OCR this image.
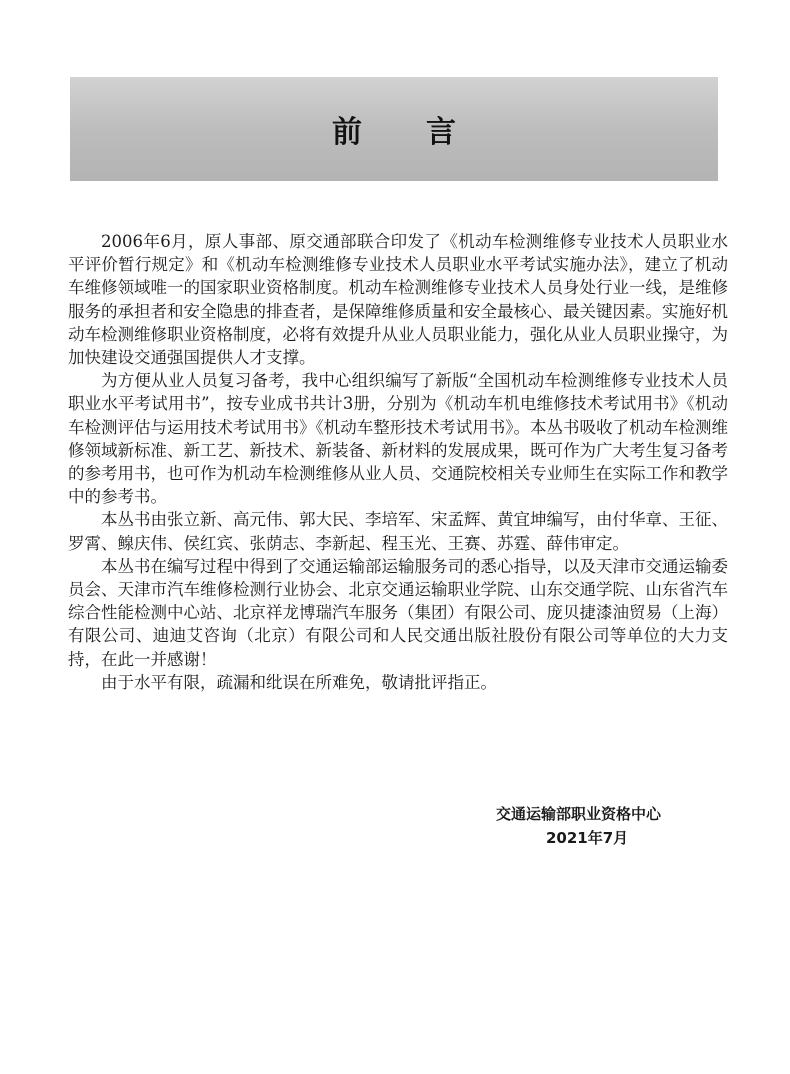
前言

2006年6月，原人事部、原交通部联合印发了《机动车检测维修专业技术人员职业水平评价暂行规定》和《机动车检测维修专业技术人员职业水平考试实施办法》，建立了机动车维修领域唯一的国家职业资格制度。机动车检测维修专业技术人员身处行业一线，是维修服务的承担者和安全隐患的排查者，是保障维修质量和安全最核心、最关键因素。实施好机动车检测维修职业资格制度，必将有效提升从业人员职业能力，强化从业人员职业操守，为加快建设交通强国提供人才支撑。

为方便从业人员复习备考，我中心组织编写了新版“全国机动车检测维修专业技术人员职业水平考试用书”，按专业成书共计3册，分别为《机动车机电维修技术考试用书》《机动车检测评估与运用技术考试用书》《机动车整形技术考试用书》。本丛书吸收了机动车检测维修领域新标准、新工艺、新技术、新装备、新材料的发展成果，既可作为广大考生复习备考的参考用书，也可作为机动车检测维修从业人员、交通院校相关专业师生在实际工作和教学中的参考书。

本丛书由张立新、高元伟、郭大民、李培军、宋孟辉、黄宜坤编写，由付华章、王征、罗霄、鳈庆伟、侯红宾、张荫志、李新起、程玉光、王赛、苏霆、薛伟审定。

本丛书在编写过程中得到了交通运输部运输服务司的悉心指导，以及天津市交通运输委员会、天津市汽车维修检测行业协会、北京交通运输职业学院、山东交通学院、山东省汽车综合性能检测中心站、北京祥龙博瑞汽车服务（集团）有限公司、庞贝捷漆油贸易（上海）有限公司、迪迪艾咨询（北京）有限公司和人民交通出版社股份有限公司等单位的大力支持，在此一并感谢！

由于水平有限，疏漏和纰误在所难免，敬请批评指正。

交通运输部职业资格中心
2021年7月
